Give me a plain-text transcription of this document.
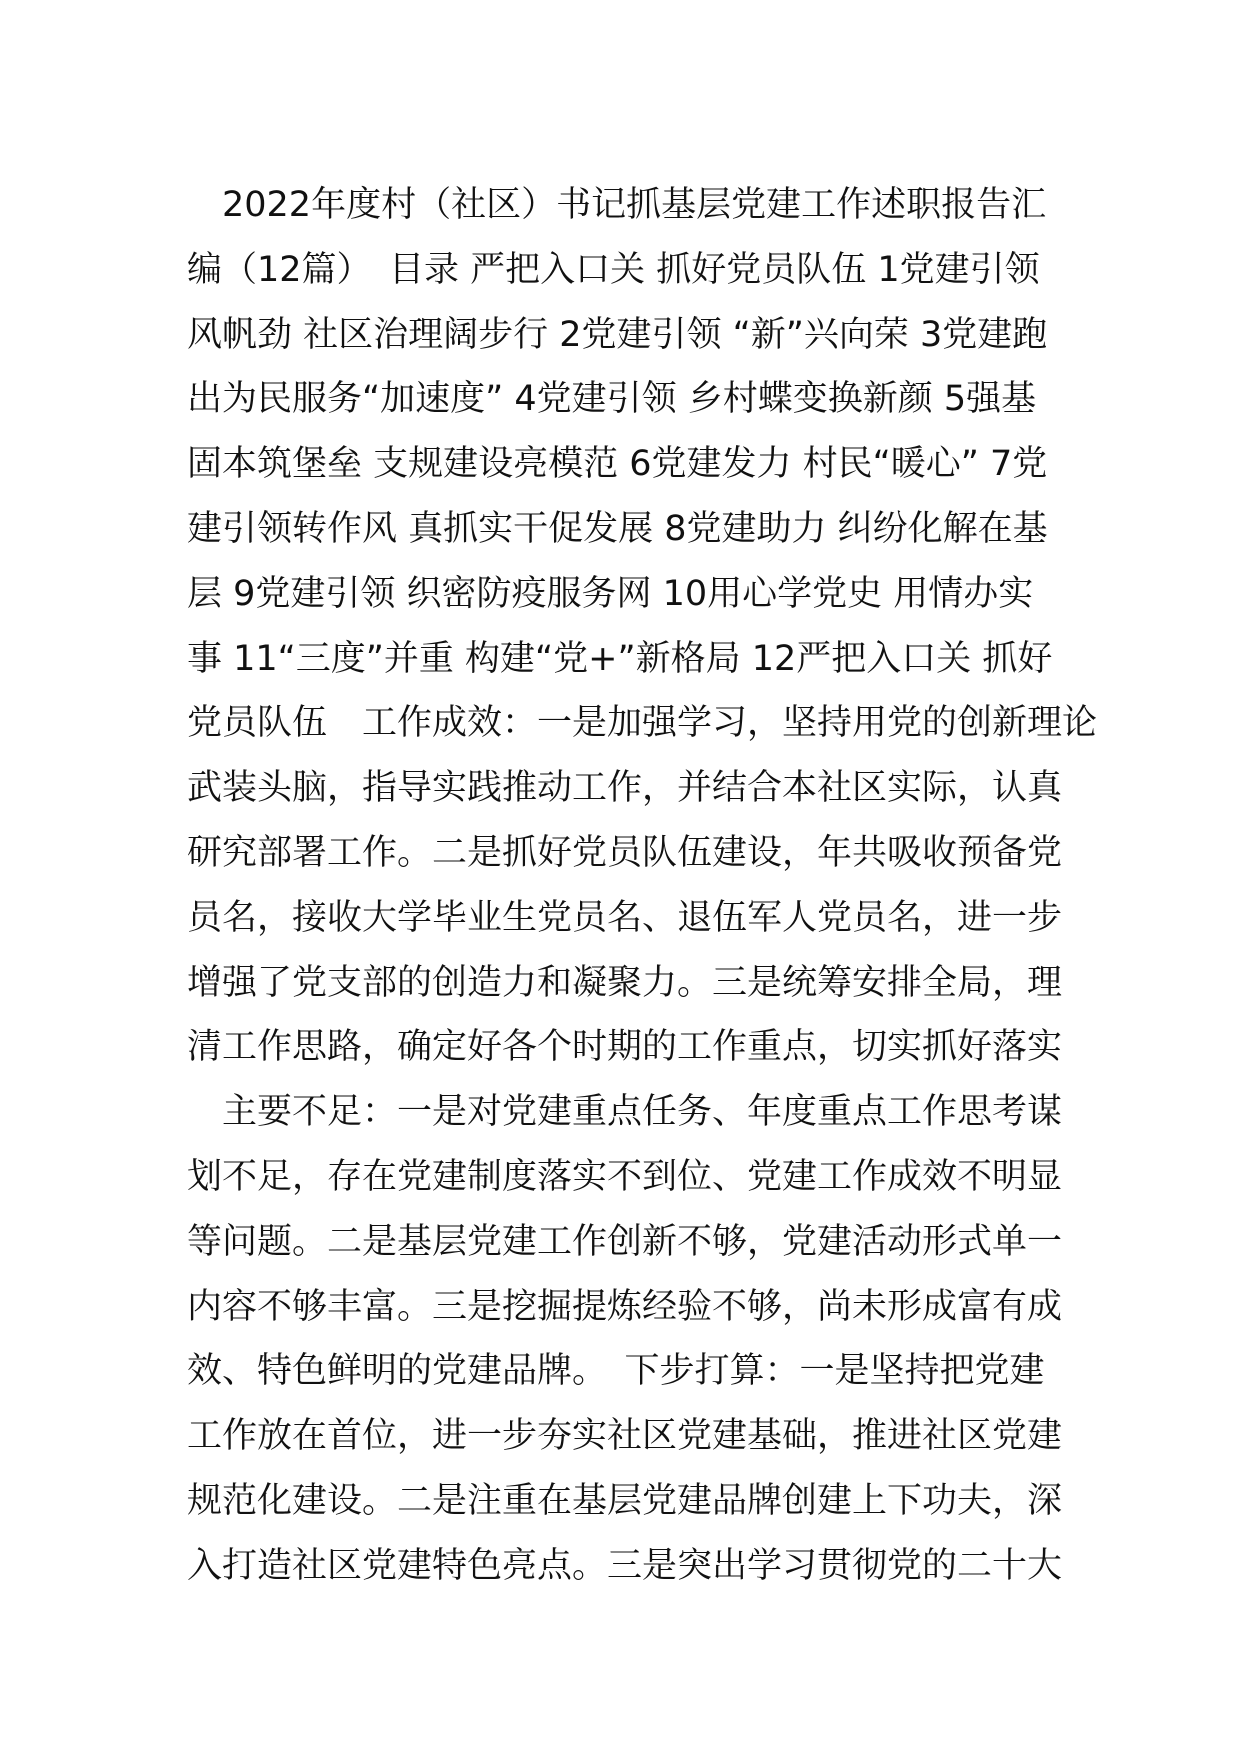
　2022年度村（社区）书记抓基层党建工作述职报告汇
编（12篇）　目录 严把入口关 抓好党员队伍 1党建引领
风帆劲 社区治理阔步行 2党建引领 “新”兴向荣 3党建跑
出为民服务“加速度” 4党建引领 乡村蝶变换新颜 5强基
固本筑堡垒 支规建设亮模范 6党建发力 村民“暖心” 7党
建引领转作风 真抓实干促发展 8党建助力 纠纷化解在基
层 9党建引领 织密防疫服务网 10用心学党史 用情办实
事 11“三度”并重 构建“党+”新格局 12严把入口关 抓好
党员队伍　工作成效：一是加强学习，坚持用党的创新理论
武装头脑，指导实践推动工作，并结合本社区实际，认真
研究部署工作。二是抓好党员队伍建设，年共吸收预备党
员名，接收大学毕业生党员名、退伍军人党员名，进一步
增强了党支部的创造力和凝聚力。三是统筹安排全局，理
清工作思路，确定好各个时期的工作重点，切实抓好落实
　主要不足：一是对党建重点任务、年度重点工作思考谋
划不足，存在党建制度落实不到位、党建工作成效不明显
等问题。二是基层党建工作创新不够，党建活动形式单一
内容不够丰富。三是挖掘提炼经验不够，尚未形成富有成
效、特色鲜明的党建品牌。　下步打算：一是坚持把党建
工作放在首位，进一步夯实社区党建基础，推进社区党建
规范化建设。二是注重在基层党建品牌创建上下功夫，深
入打造社区党建特色亮点。三是突出学习贯彻党的二十大
